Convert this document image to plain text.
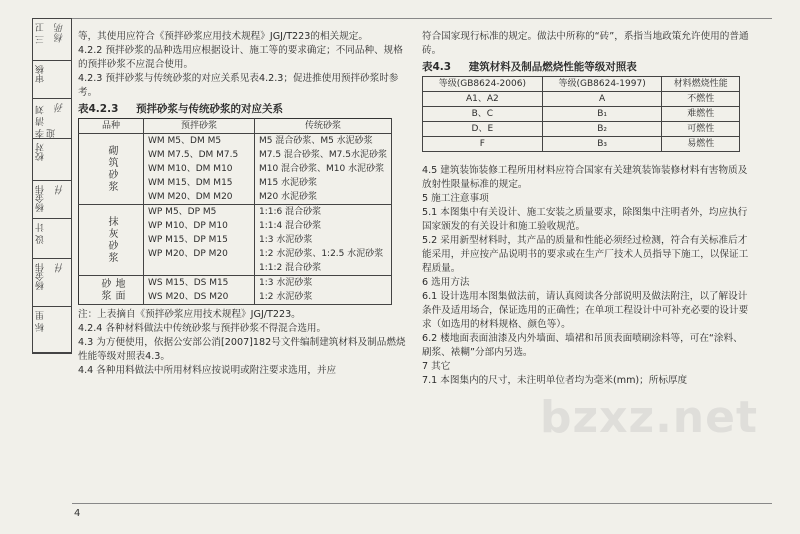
三 卫 杨明
审核
李 清 刘迎
孙
校对
杨金伟 伟
设 计
杨金伟 伟
标 里

等，其使用应符合《预拌砂浆应用技术规程》JGJ/T223的相关规定。

4.2.2 预拌砂浆的品种选用应根据设计、施工等的要求确定；不同品种、规格的预拌砂浆不应混合使用。

4.2.3 预拌砂浆与传统砂浆的对应关系见表4.2.3；促进推使用预拌砂浆时参考。

表4.2.3 预拌砂浆与传统砂浆的对应关系
品种	预拌砂浆	传统砂浆
砌筑砂浆	WM M5、DM M5	M5 混合砂浆、M5 水泥砂浆
	WM M7.5、DM M7.5	M7.5 混合砂浆、M7.5水泥砂浆
	WM M10、DM M10	M10 混合砂浆、M10 水泥砂浆
	WM M15、DM M15	M15 水泥砂浆
	WM M20、DM M20	M20 水泥砂浆
抹灰砂浆	WP M5、DP M5	1:1:6 混合砂浆
	WP M10、DP M10	1:1:4 混合砂浆
	WP M15、DP M15	1:3 水泥砂浆
	WP M20、DP M20	1:2 水泥砂浆、1:2.5 水泥砂浆
		1:1:2 混合砂浆
地面砂浆	WS M15、DS M15	1:3 水泥砂浆
	WS M20、DS M20	1:2 水泥砂浆

注：上表摘自《预拌砂浆应用技术规程》JGJ/T223。

4.2.4 各种材料做法中传统砂浆与预拌砂浆不得混合选用。

4.3 为方便使用，依据公安部公消[2007]182号文件编制建筑材料及制品燃烧性能等级对照表4.3。

4.4 各种用料做法中所用材料应按说明或附注要求选用，并应

符合国家现行标准的规定。做法中所称的“砖”，系指当地政策允许使用的普通砖。

表4.3 建筑材料及制品燃烧性能等级对照表
等级(GB8624-2006)	等级(GB8624-1997)	材料燃烧性能
A1、A2	A	不燃性
B、C	B₁	难燃性
D、E	B₂	可燃性
F	B₃	易燃性

4.5 建筑装饰装修工程所用材料应符合国家有关建筑装饰装修材料有害物质及放射性限量标准的规定。

5 施工注意事项

5.1 本图集中有关设计、施工安装之质量要求，除图集中注明者外，均应执行国家颁发的有关设计和施工验收规范。

5.2 采用新型材料时，其产品的质量和性能必须经过检测，符合有关标准后才能采用，并应按产品说明书的要求或在生产厂技术人员指导下施工，以保证工程质量。

6 选用方法

6.1 设计选用本图集做法前，请认真阅读各分部说明及做法附注，以了解设计条件及适用场合，保证选用的正确性；在单项工程设计中可补充必要的设计要求（如选用的材料规格、颜色等）。

6.2 楼地面表面油漆及内外墙面、墙裙和吊顶表面喷刷涂料等，可在“涂料、刷浆、裱糊”分部内另选。

7 其它

7.1 本图集内的尺寸，未注明单位者均为毫米(mm)；所标厚度

bzxz.net
4
